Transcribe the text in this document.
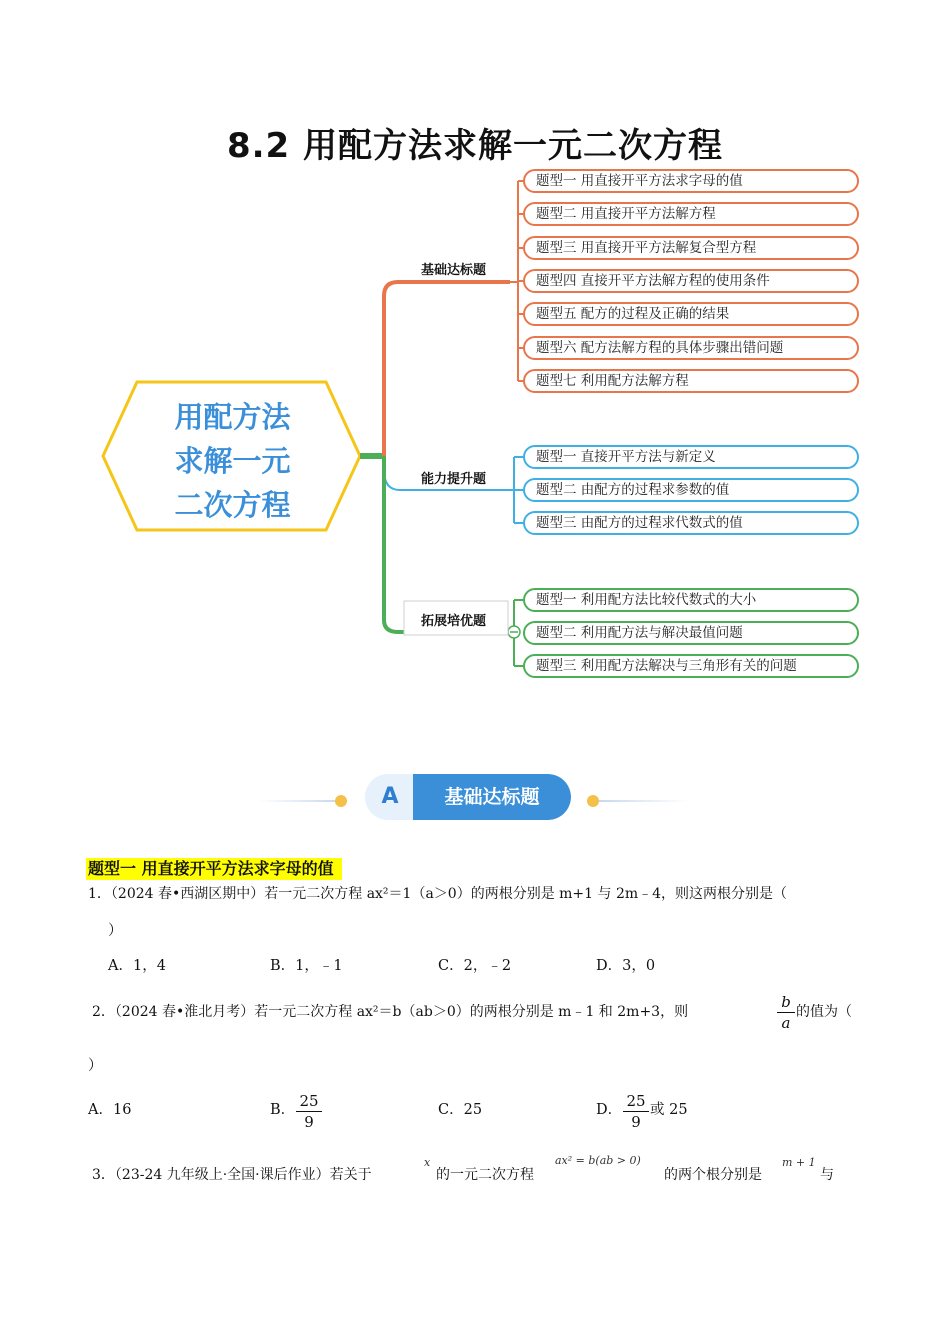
8.2 用配方法求解一元二次方程
用配方法
求解一元
二次方程
基础达标题
能力提升题
拓展培优题
题型一 用直接开平方法求字母的值
题型二 用直接开平方法解方程
题型三 用直接开平方法解复合型方程
题型四 直接开平方法解方程的使用条件
题型五 配方的过程及正确的结果
题型六 配方法解方程的具体步骤出错问题
题型七 利用配方法解方程
题型一 直接开平方法与新定义
题型二 由配方的过程求参数的值
题型三 由配方的过程求代数式的值
题型一 利用配方法比较代数式的大小
题型二 利用配方法与解决最值问题
题型三 利用配方法解决与三角形有关的问题
A	基础达标题
题型一 用直接开平方法求字母的值
1．（2024 春•西湖区期中）若一元二次方程 ax²＝1（a＞0）的两根分别是 m+1 与 2m﹣4，则这两根分别是（
）
A．1，4	B．1，﹣1	C．2，﹣2	D．3，0
2．（2024 春•淮北月考）若一元二次方程 ax²＝b（ab＞0）的两根分别是 m﹣1 和 2m+3，则	$\frac{b}{a}$ 的值为（
）
A．16	B． $\frac{25}{9}$	C．25	D． $\frac{25}{9}$ 或 25
3．（23-24 九年级上·全国·课后作业）若关于
x
的一元二次方程
ax² = b(ab > 0)
的两个根分别是
m + 1
与
